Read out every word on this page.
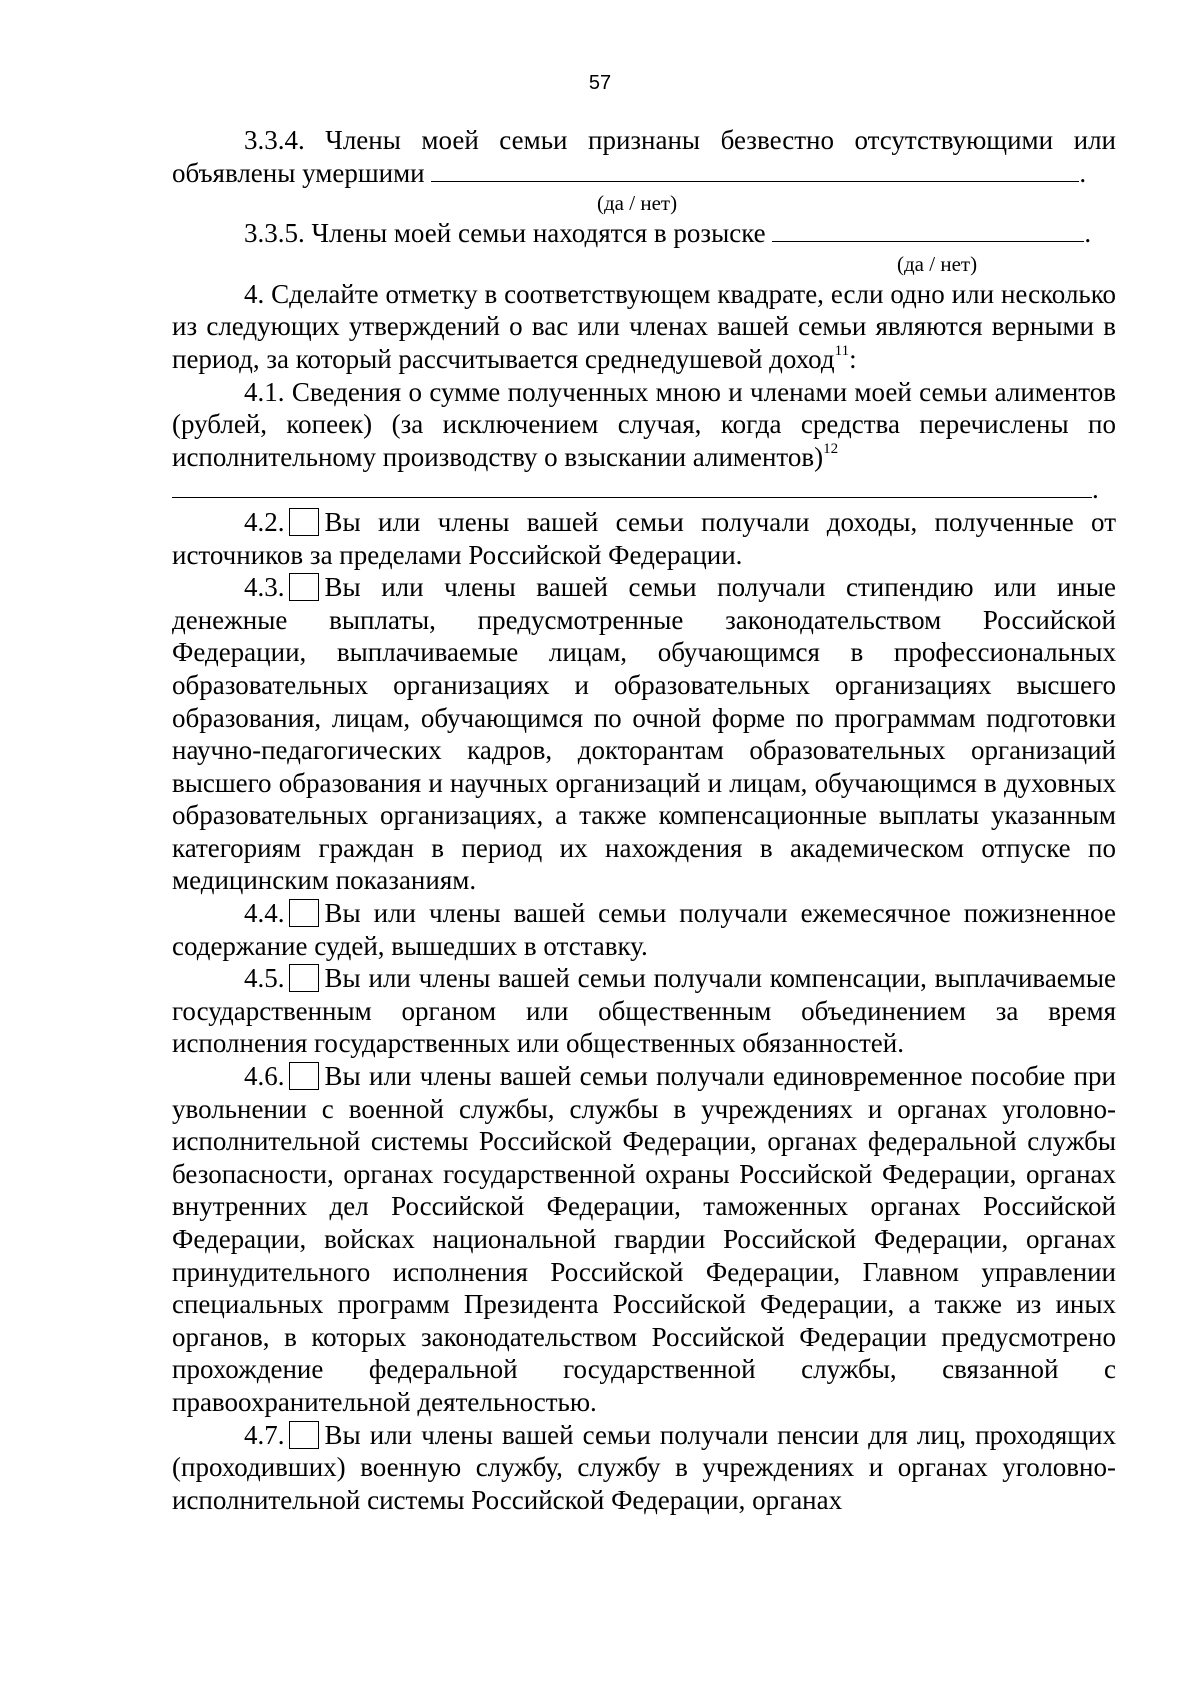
57

3.3.4. Члены моей семьи признаны безвестно отсутствующими или объявлены умершими	.

(да / нет)

3.3.5. Члены моей семьи находятся в розыске	.

(да / нет)

4. Сделайте отметку в соответствующем квадрате, если одно или несколько из следующих утверждений о вас или членах вашей семьи являются верными в период, за который рассчитывается среднедушевой доход$^{11}$:

4.1. Сведения о сумме полученных мною и членами моей семьи алиментов (рублей, копеек) (за исключением случая, когда средства перечислены по исполнительному производству о взыскании алиментов)$^{12}$

.

4.2. Вы или члены вашей семьи получали доходы, полученные от источников за пределами Российской Федерации.

4.3. Вы или члены вашей семьи получали стипендию или иные денежные выплаты, предусмотренные законодательством Российской Федерации, выплачиваемые лицам, обучающимся в профессиональных образовательных организациях и образовательных организациях высшего образования, лицам, обучающимся по очной форме по программам подготовки научно-педагогических кадров, докторантам образовательных организаций высшего образования и научных организаций и лицам, обучающимся в духовных образовательных организациях, а также компенсационные выплаты указанным категориям граждан в период их нахождения в академическом отпуске по медицинским показаниям.

4.4. Вы или члены вашей семьи получали ежемесячное пожизненное содержание судей, вышедших в отставку.

4.5. Вы или члены вашей семьи получали компенсации, выплачиваемые государственным органом или общественным объединением за время исполнения государственных или общественных обязанностей.

4.6. Вы или члены вашей семьи получали единовременное пособие при увольнении с военной службы, службы в учреждениях и органах уголовно-исполнительной системы Российской Федерации, органах федеральной службы безопасности, органах государственной охраны Российской Федерации, органах внутренних дел Российской Федерации, таможенных органах Российской Федерации, войсках национальной гвардии Российской Федерации, органах принудительного исполнения Российской Федерации, Главном управлении специальных программ Президента Российской Федерации, а также из иных органов, в которых законодательством Российской Федерации предусмотрено прохождение федеральной государственной службы, связанной с правоохранительной деятельностью.

4.7. Вы или члены вашей семьи получали пенсии для лиц, проходящих (проходивших) военную службу, службу в учреждениях и органах уголовно-исполнительной системы Российской Федерации, органах
